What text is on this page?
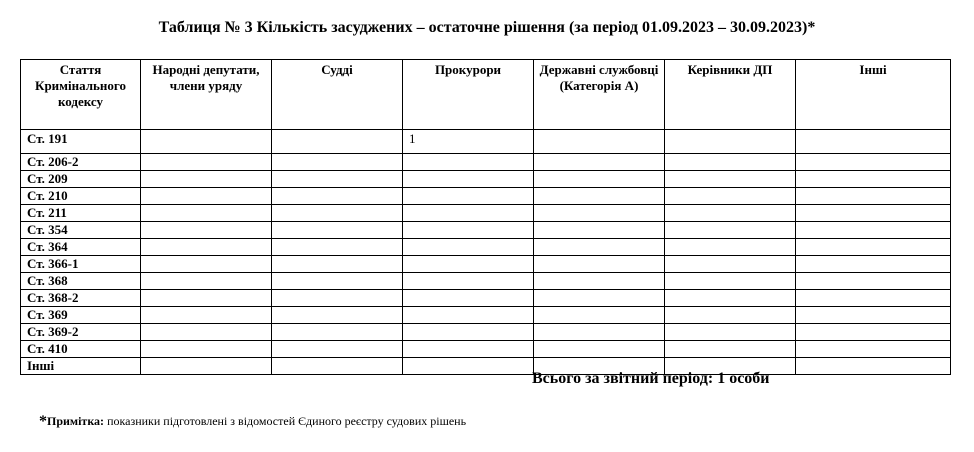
Таблиця № 3 Кількість засуджених – остаточне рішення (за період 01.09.2023 – 30.09.2023)*
Стаття Кримінального кодексу	Народні депутати, члени уряду	Судді	Прокурори	Державні службовці (Категорія А)	Керівники ДП	Інші
Ст. 191			1			
Ст. 206-2						
Ст. 209						
Ст. 210						
Ст. 211						
Ст. 354						
Ст. 364						
Ст. 366-1						
Ст. 368						
Ст. 368-2						
Ст. 369						
Ст. 369-2						
Ст. 410						
Інші						
Всього за звітний період: 1 особи
*Примітка: показники підготовлені з відомостей Єдиного реєстру судових рішень
